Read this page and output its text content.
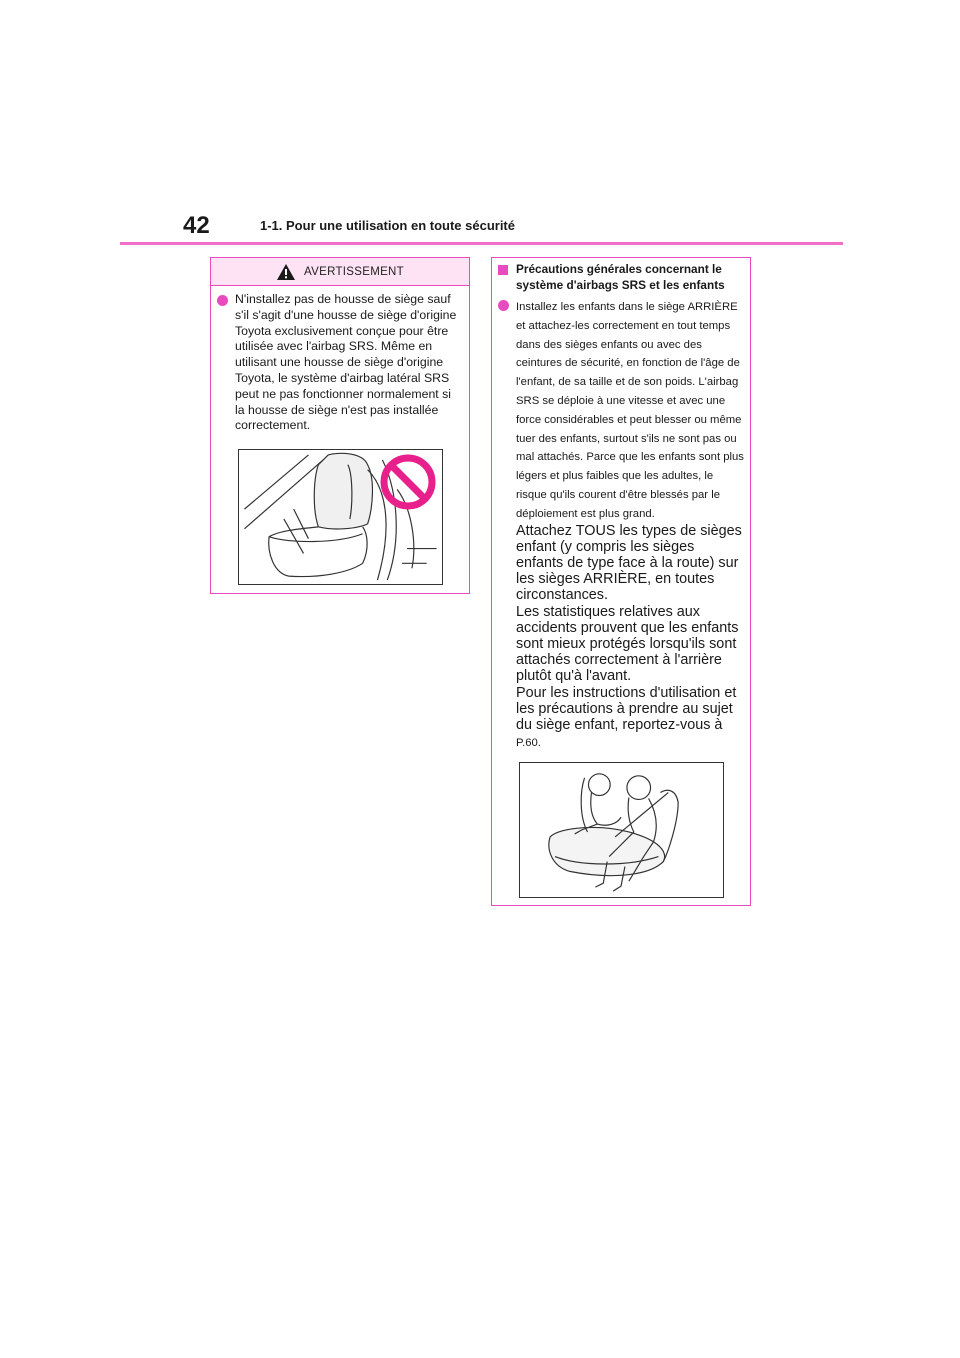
42	1-1. Pour une utilisation en toute sécurité
AVERTISSEMENT
N'installez pas de housse de siège sauf s'il s'agit d'une housse de siège d'origine Toyota exclusivement conçue pour être utilisée avec l'airbag SRS. Même en utilisant une housse de siège d'origine Toyota, le système d'airbag latéral SRS peut ne pas fonctionner normalement si la housse de siège n'est pas installée correctement.
Précautions générales concernant le système d'airbags SRS et les enfants
Installez les enfants dans le siège ARRIÈRE et attachez-les correctement en tout temps dans des sièges enfants ou avec des ceintures de sécurité, en fonction de l'âge de l'enfant, de sa taille et de son poids. L'airbag SRS se déploie à une vitesse et avec une force considérables et peut blesser ou même tuer des enfants, surtout s'ils ne sont pas ou mal attachés. Parce que les enfants sont plus légers et plus faibles que les adultes, le risque qu'ils courent d'être blessés par le déploiement est plus grand.
Attachez TOUS les types de sièges enfant (y compris les sièges enfants de type face à la route) sur les sièges ARRIÈRE, en toutes circonstances.
Les statistiques relatives aux accidents prouvent que les enfants sont mieux protégés lorsqu'ils sont attachés correctement à l'arrière plutôt qu'à l'avant.
Pour les instructions d'utilisation et les précautions à prendre au sujet du siège enfant, reportez-vous à
P.60.
